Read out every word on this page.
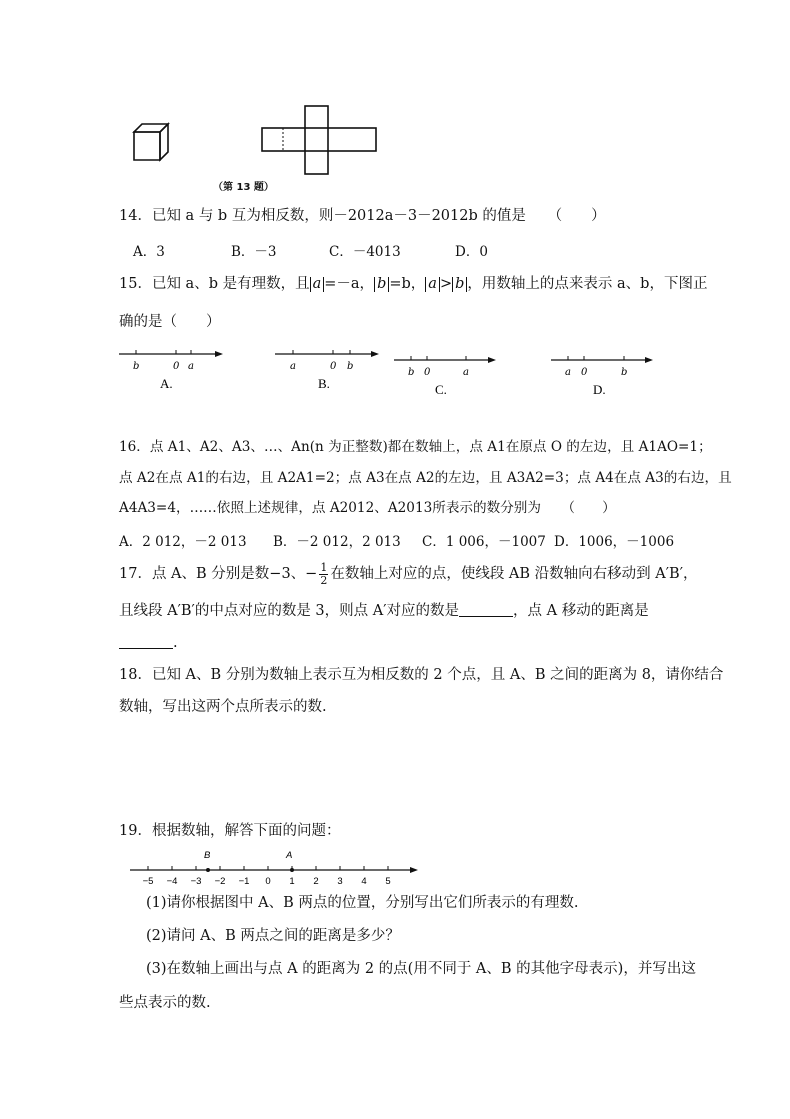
（第 13 题）
14．已知 a 与 b 互为相反数，则－2012a－3－2012b 的值是　　（　　）
A．3	B．－3	C．－4013	D．0
15．已知 a、b 是有理数，且 a =－a， b =b， a > b ，用数轴上的点来表示 a、b，下图正
确的是（　　）
b	0 a
A.
a	0 b
B.
b 0	a
C.
a 0	b
D.
16．点 A1、A2、A3、…、An(n 为正整数)都在数轴上，点 A1在原点 O 的左边，且 A1AO=1；
点 A2在点 A1的右边，且 A2A1=2；点 A3在点 A2的左边，且 A3A2=3；点 A4在点 A3的右边，且
A4A3=4，……依照上述规律，点 A2012、A2013所表示的数分别为　　（　　）
A．2 012，－2 013 B．－2 012，2 013 C．1 006，－1007 D．1006，－1006
17．点 A、B 分别是数−3、− $\frac{1}{2}$ 在数轴上对应的点，使线段 AB 沿数轴向右移动到 A′B′，
且线段 A′B′的中点对应的数是 3，则点 A′对应的数是	，点 A 移动的距离是
.
18．已知 A、B 分别为数轴上表示互为相反数的 2 个点，且 A、B 之间的距离为 8，请你结合
数轴，写出这两个点所表示的数.
19．根据数轴，解答下面的问题：
−5 −4 −3 −2 −1 0 1 2 3 4 5
B	A
(1)请你根据图中 A、B 两点的位置，分别写出它们所表示的有理数.
(2)请问 A、B 两点之间的距离是多少？
(3)在数轴上画出与点 A 的距离为 2 的点(用不同于 A、B 的其他字母表示)，并写出这
些点表示的数.
